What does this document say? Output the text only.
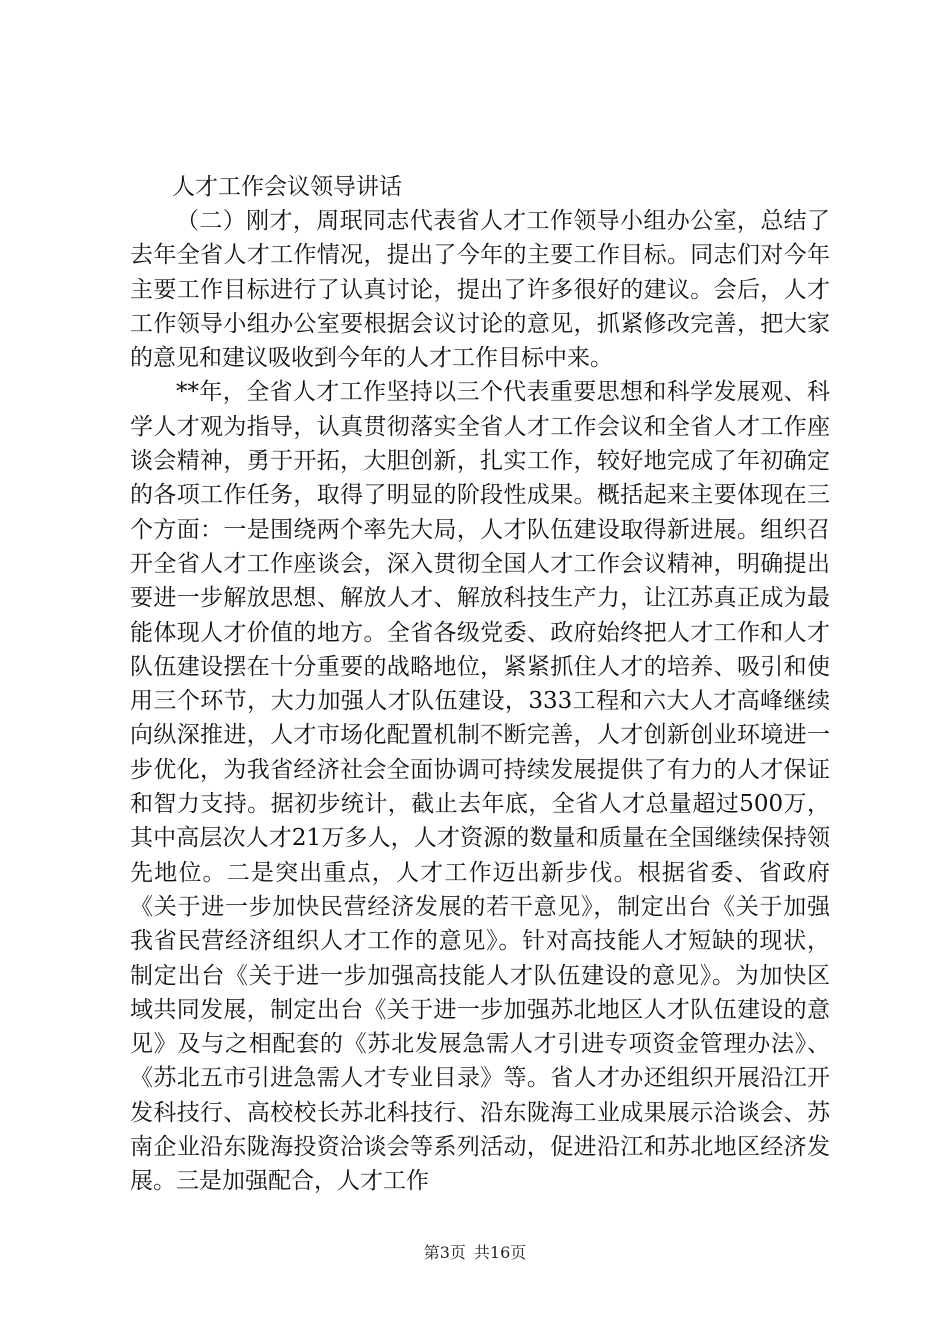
人才工作会议领导讲话

（二）刚才，周珉同志代表省人才工作领导小组办公室，总结了去年全省人才工作情况，提出了今年的主要工作目标。同志们对今年主要工作目标进行了认真讨论，提出了许多很好的建议。会后，人才工作领导小组办公室要根据会议讨论的意见，抓紧修改完善，把大家的意见和建议吸收到今年的人才工作目标中来。

**年，全省人才工作坚持以三个代表重要思想和科学发展观、科学人才观为指导，认真贯彻落实全省人才工作会议和全省人才工作座谈会精神，勇于开拓，大胆创新，扎实工作，较好地完成了年初确定的各项工作任务，取得了明显的阶段性成果。概括起来主要体现在三个方面：一是围绕两个率先大局，人才队伍建设取得新进展。组织召开全省人才工作座谈会，深入贯彻全国人才工作会议精神，明确提出要进一步解放思想、解放人才、解放科技生产力，让江苏真正成为最能体现人才价值的地方。全省各级党委、政府始终把人才工作和人才队伍建设摆在十分重要的战略地位，紧紧抓住人才的培养、吸引和使用三个环节，大力加强人才队伍建设，333工程和六大人才高峰继续向纵深推进，人才市场化配置机制不断完善，人才创新创业环境进一步优化，为我省经济社会全面协调可持续发展提供了有力的人才保证和智力支持。据初步统计，截止去年底，全省人才总量超过500万，其中高层次人才21万多人，人才资源的数量和质量在全国继续保持领先地位。二是突出重点，人才工作迈出新步伐。根据省委、省政府《关于进一步加快民营经济发展的若干意见》，制定出台《关于加强我省民营经济组织人才工作的意见》。针对高技能人才短缺的现状，制定出台《关于进一步加强高技能人才队伍建设的意见》。为加快区域共同发展，制定出台《关于进一步加强苏北地区人才队伍建设的意见》及与之相配套的《苏北发展急需人才引进专项资金管理办法》、《苏北五市引进急需人才专业目录》等。省人才办还组织开展沿江开发科技行、高校校长苏北科技行、沿东陇海工业成果展示洽谈会、苏南企业沿东陇海投资洽谈会等系列活动，促进沿江和苏北地区经济发展。三是加强配合，人才工作

第3页 共16页
